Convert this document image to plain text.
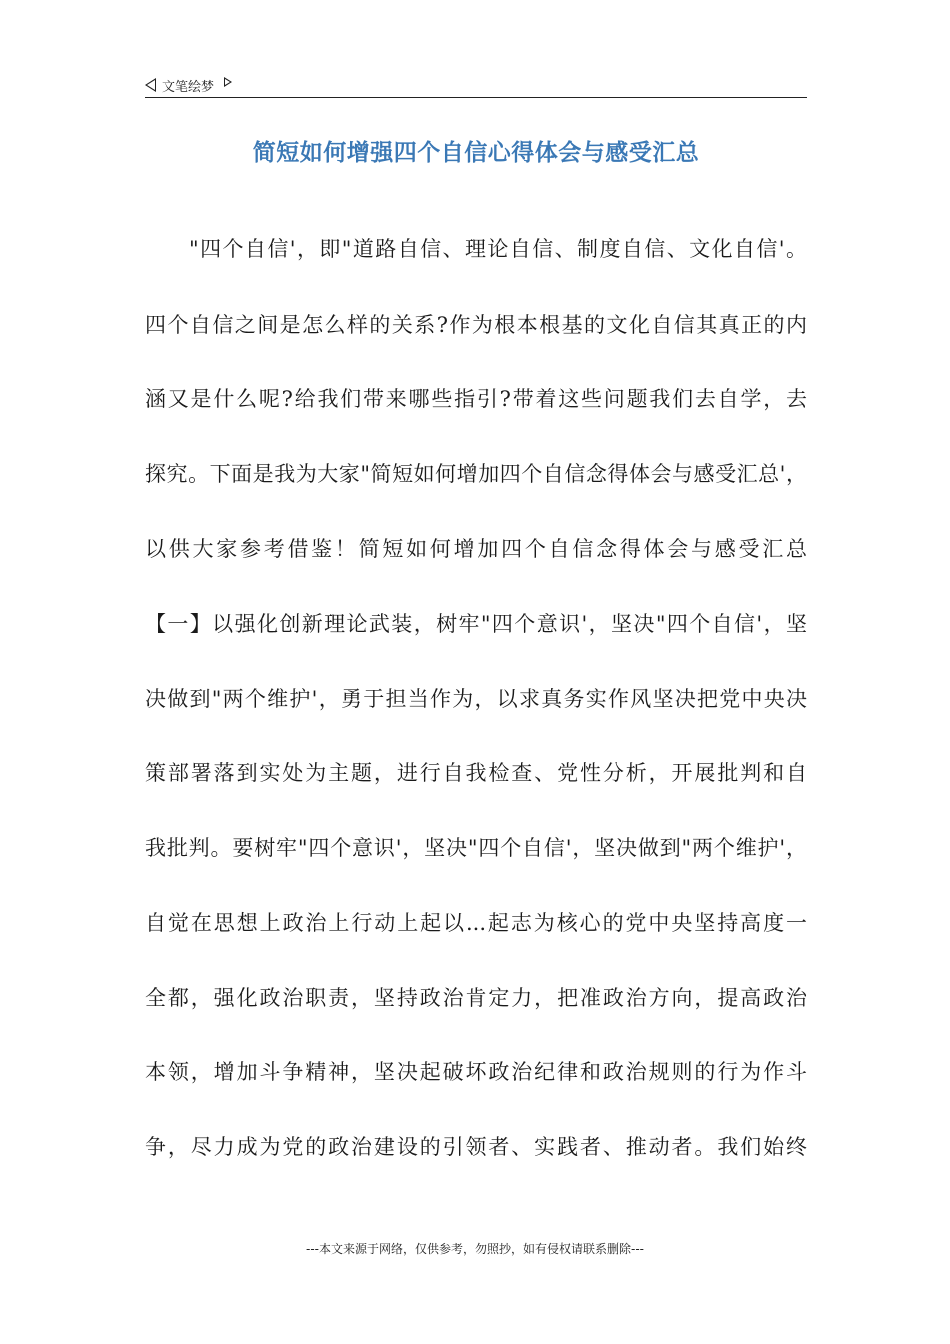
文笔绘梦
简短如何增强四个自信心得体会与感受汇总
"四个自信'，即"道路自信、理论自信、制度自信、文化自信'。
四个自信之间是怎么样的关系?作为根本根基的文化自信其真正的内
涵又是什么呢?给我们带来哪些指引?带着这些问题我们去自学，去
探究。下面是我为大家"简短如何增加四个自信念得体会与感受汇总'，
以供大家参考借鉴！简短如何增加四个自信念得体会与感受汇总
【一】以强化创新理论武装，树牢"四个意识'，坚决"四个自信'，坚
决做到"两个维护'，勇于担当作为，以求真务实作风坚决把党中央决
策部署落到实处为主题，进行自我检查、党性分析，开展批判和自
我批判。要树牢"四个意识'，坚决"四个自信'，坚决做到"两个维护'，
自觉在思想上政治上行动上起以...起志为核心的党中央坚持高度一
全都，强化政治职责，坚持政治肯定力，把准政治方向，提高政治
本领，增加斗争精神，坚决起破坏政治纪律和政治规则的行为作斗
争，尽力成为党的政治建设的引领者、实践者、推动者。我们始终
---本文来源于网络，仅供参考，勿照抄，如有侵权请联系删除---
